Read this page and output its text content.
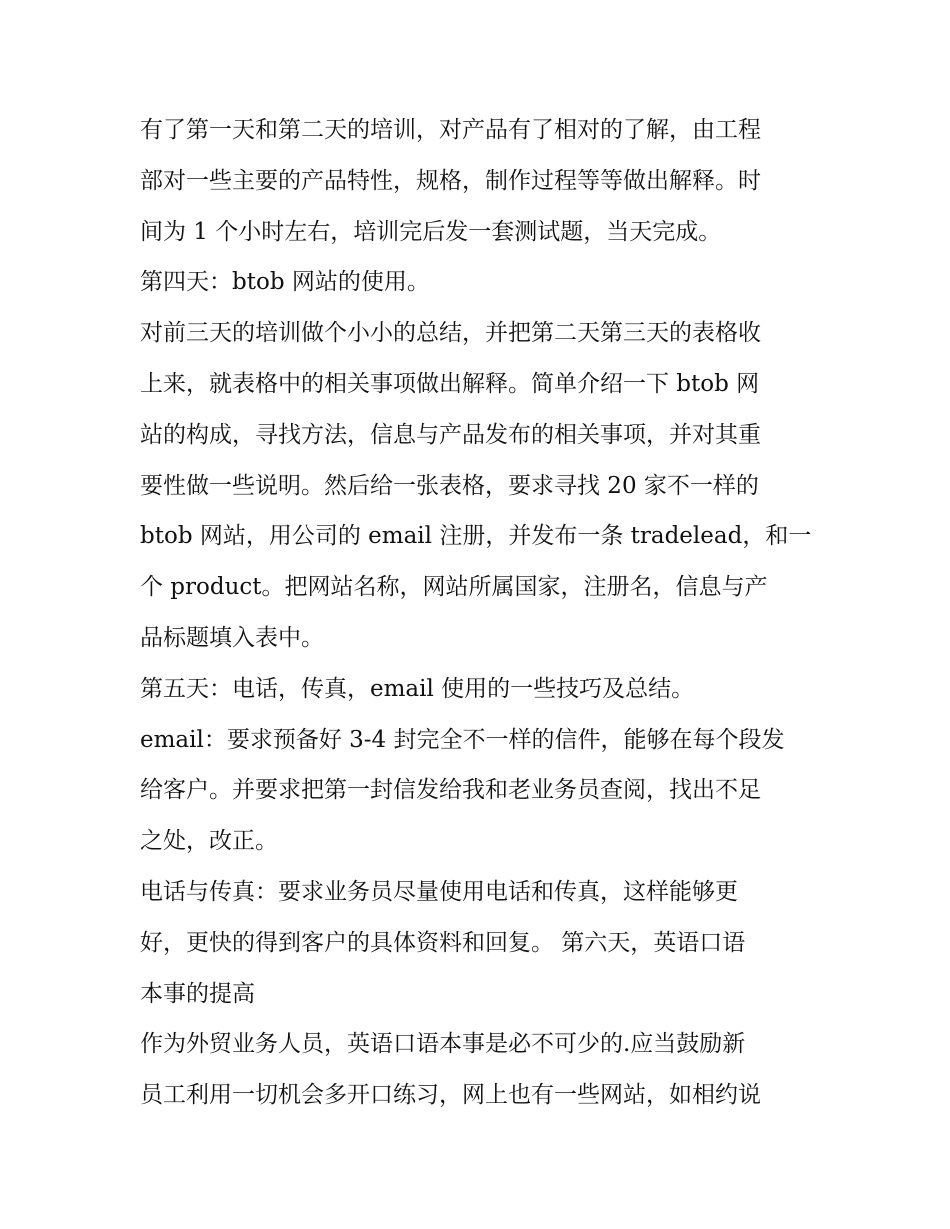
有了第一天和第二天的培训，对产品有了相对的了解，由工程
部对一些主要的产品特性，规格，制作过程等等做出解释。时
间为 1 个小时左右，培训完后发一套测试题，当天完成。
第四天：btob 网站的使用。
对前三天的培训做个小小的总结，并把第二天第三天的表格收
上来，就表格中的相关事项做出解释。简单介绍一下 btob 网
站的构成，寻找方法，信息与产品发布的相关事项，并对其重
要性做一些说明。然后给一张表格，要求寻找 20 家不一样的
btob 网站，用公司的 email 注册，并发布一条 tradelead，和一
个 product。把网站名称，网站所属国家，注册名，信息与产
品标题填入表中。
第五天：电话，传真，email 使用的一些技巧及总结。
email：要求预备好 3-4 封完全不一样的信件，能够在每个段发
给客户。并要求把第一封信发给我和老业务员查阅，找出不足
之处，改正。
电话与传真：要求业务员尽量使用电话和传真，这样能够更
好，更快的得到客户的具体资料和回复。 第六天，英语口语
本事的提高
作为外贸业务人员，英语口语本事是必不可少的.应当鼓励新
员工利用一切机会多开口练习，网上也有一些网站，如相约说
